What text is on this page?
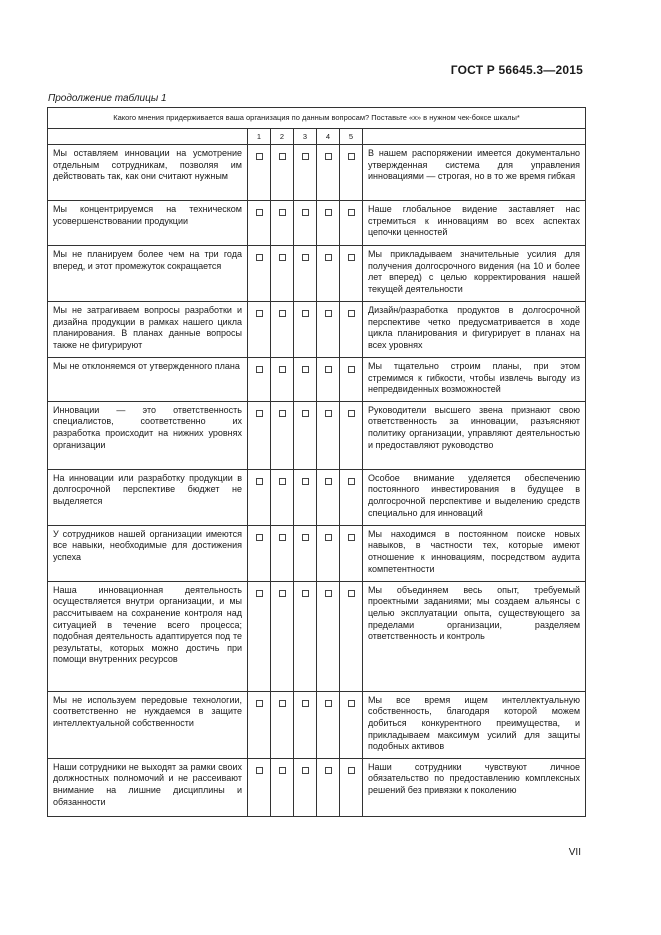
ГОСТ Р 56645.3—2015
Продолжение таблицы 1
Какого мнения придерживается ваша организация по данным вопросам? Поставьте «x» в нужном чек-боксе шкалы*						
	1	2	3	4	5	
Мы оставляем инновации на усмотрение отдельным сотрудникам, позволяя им действовать так, как они считают нужным						В нашем распоряжении имеется документально утвержденная система для управления инновациями — строгая, но в то же время гибкая
Мы концентрируемся на техническом усовершенствовании продукции						Наше глобальное видение заставляет нас стремиться к инновациям во всех аспектах цепочки ценностей
Мы не планируем более чем на три года вперед, и этот промежуток сокращается						Мы прикладываем значительные усилия для получения долгосрочного видения (на 10 и более лет вперед) с целью корректирования нашей текущей деятельности
Мы не затрагиваем вопросы разработки и дизайна продукции в рамках нашего цикла планирования. В планах данные вопросы также не фигурируют						Дизайн/разработка продуктов в долгосрочной перспективе четко предусматривается в ходе цикла планирования и фигурирует в планах на всех уровнях
Мы не отклоняемся от утвержденного плана						Мы тщательно строим планы, при этом стремимся к гибкости, чтобы извлечь выгоду из непредвиденных возможностей
Инновации — это ответственность специалистов, соответственно их разработка происходит на нижних уровнях организации						Руководители высшего звена признают свою ответственность за инновации, разъясняют политику организации, управляют деятельностью и предоставляют руководство
На инновации или разработку продукции в долгосрочной перспективе бюджет не выделяется						Особое внимание уделяется обеспечению постоянного инвестирования в будущее в долгосрочной перспективе и выделению средств специально для инноваций
У сотрудников нашей организации имеются все навыки, необходимые для достижения успеха						Мы находимся в постоянном поиске новых навыков, в частности тех, которые имеют отношение к инновациям, посредством аудита компетентности
Наша инновационная деятельность осуществляется внутри организации, и мы рассчитываем на сохранение контроля над ситуацией в течение всего процесса; подобная деятельность адаптируется под те результаты, которых можно достичь при помощи внутренних ресурсов						Мы объединяем весь опыт, требуемый проектными заданиями; мы создаем альянсы с целью эксплуатации опыта, существующего за пределами организации, разделяем ответственность и контроль
Мы не используем передовые технологии, соответственно не нуждаемся в защите интеллектуальной собственности						Мы все время ищем интеллектуальную собственность, благодаря которой можем добиться конкурентного преимущества, и прикладываем максимум усилий для защиты подобных активов
Наши сотрудники не выходят за рамки своих должностных полномочий и не рассеивают внимание на лишние дисциплины и обязанности						Наши сотрудники чувствуют личное обязательство по предоставлению комплексных решений без привязки к поколению
VII
